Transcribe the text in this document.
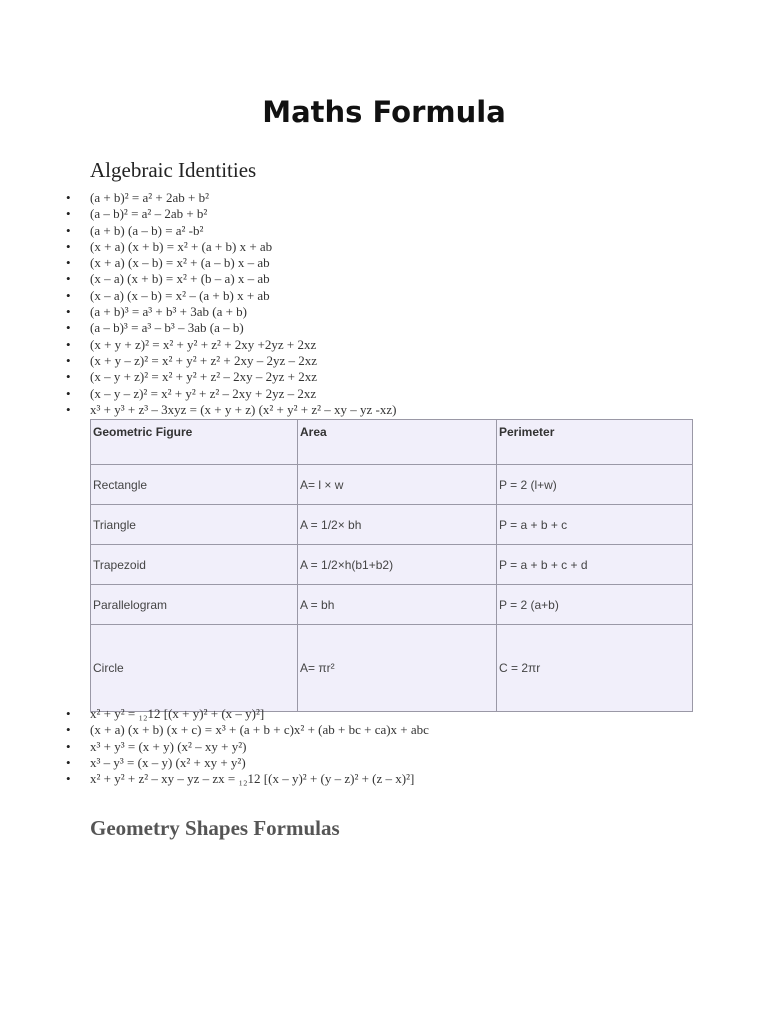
Maths Formula
Algebraic Identities
• (a + b)² = a² + 2ab + b²
• (a – b)² = a² – 2ab + b²
• (a + b) (a – b) = a² -b²
• (x + a) (x + b) = x² + (a + b) x + ab
• (x + a) (x – b) = x² + (a – b) x – ab
• (x – a) (x + b) = x² + (b – a) x – ab
• (x – a) (x – b) = x² – (a + b) x + ab
• (a + b)³ = a³ + b³ + 3ab (a + b)
• (a – b)³ = a³ – b³ – 3ab (a – b)
• (x + y + z)² = x² + y² + z² + 2xy +2yz + 2xz
• (x + y – z)² = x² + y² + z² + 2xy – 2yz – 2xz
• (x – y + z)² = x² + y² + z² – 2xy – 2yz + 2xz
• (x – y – z)² = x² + y² + z² – 2xy + 2yz – 2xz
• x³ + y³ + z³ – 3xyz = (x + y + z) (x² + y² + z² – xy – yz -xz)
Geometric Figure	Area	Perimeter
Rectangle	A= l × w	P = 2 (l+w)
Triangle	A = 1/2× bh	P = a + b + c
Trapezoid	A = 1/2×h(b1+b2)	P = a + b + c + d
Parallelogram	A = bh	P = 2 (a+b)
Circle	A= πr²	C = 2πr
• x² + y² = ₁₂12 [(x + y)² + (x – y)²]
• (x + a) (x + b) (x + c) = x³ + (a + b + c)x² + (ab + bc + ca)x + abc
• x³ + y³ = (x + y) (x² – xy + y²)
• x³ – y³ = (x – y) (x² + xy + y²)
• x² + y² + z² – xy – yz – zx = ₁₂12 [(x – y)² + (y – z)² + (z – x)²]
Geometry Shapes Formulas
